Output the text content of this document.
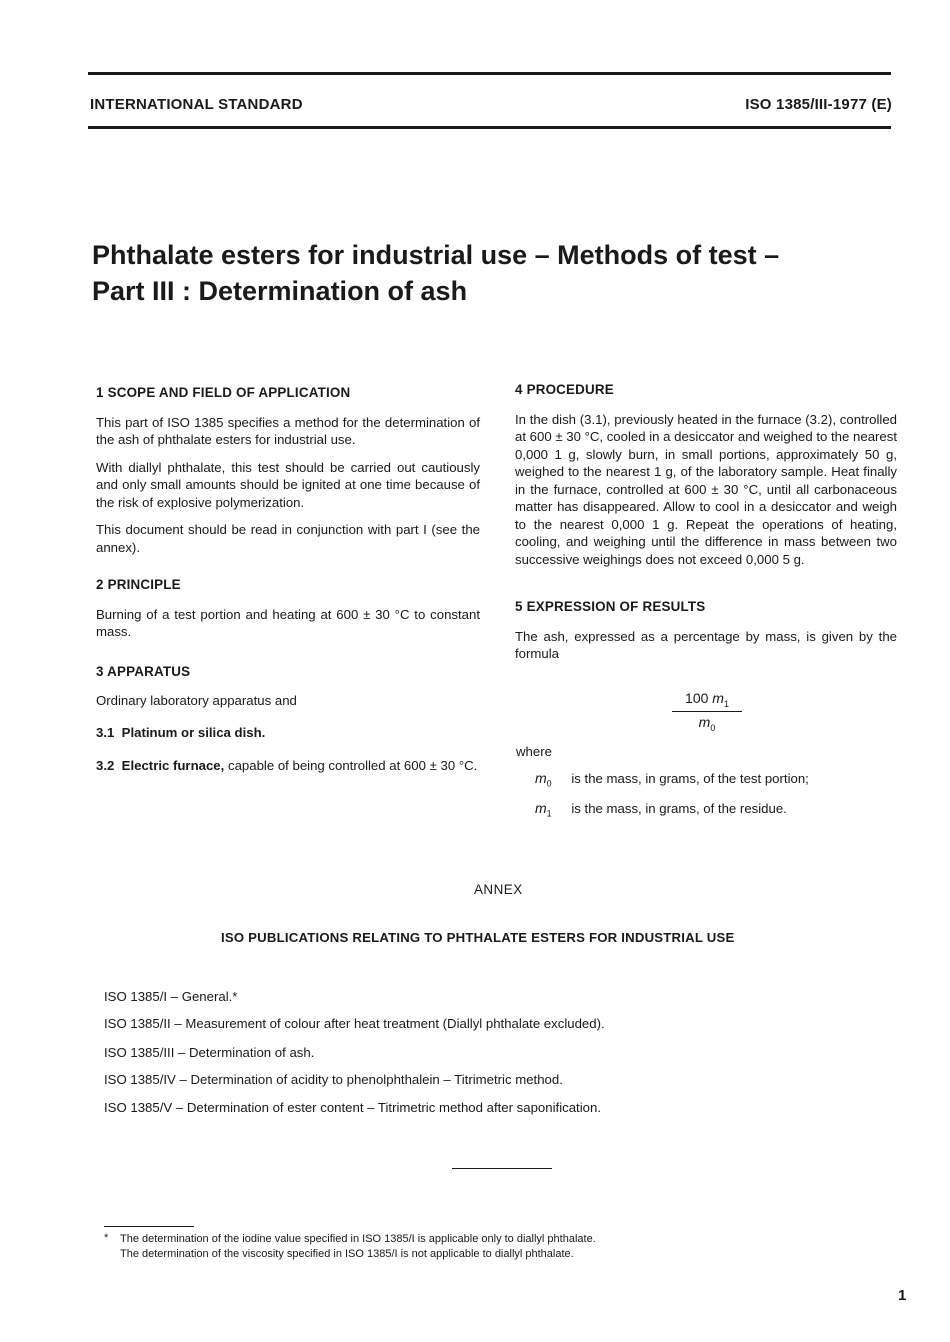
INTERNATIONAL STANDARD	ISO 1385/III-1977 (E)
Phthalate esters for industrial use – Methods of test –
Part III : Determination of ash
1 SCOPE AND FIELD OF APPLICATION

This part of ISO 1385 specifies a method for the determination of the ash of phthalate esters for industrial use.

With diallyl phthalate, this test should be carried out cautiously and only small amounts should be ignited at one time because of the risk of explosive polymerization.

This document should be read in conjunction with part I (see the annex).

2 PRINCIPLE

Burning of a test portion and heating at 600 ± 30 °C to constant mass.

3 APPARATUS

Ordinary laboratory apparatus and

3.1 Platinum or silica dish.

3.2 Electric furnace, capable of being controlled at 600 ± 30 °C.

4 PROCEDURE

In the dish (3.1), previously heated in the furnace (3.2), controlled at 600 ± 30 °C, cooled in a desiccator and weighed to the nearest 0,000 1 g, slowly burn, in small portions, approximately 50 g, weighed to the nearest 1 g, of the laboratory sample. Heat finally in the furnace, controlled at 600 ± 30 °C, until all carbonaceous matter has disappeared. Allow to cool in a desiccator and weigh to the nearest 0,000 1 g. Repeat the operations of heating, cooling, and weighing until the difference in mass between two successive weighings does not exceed 0,000 5 g.

5 EXPRESSION OF RESULTS

The ash, expressed as a percentage by mass, is given by the formula

100 $m_1$
$m_0$
where
$m_0$ is the mass, in grams, of the test portion;
$m_1$ is the mass, in grams, of the residue.
ANNEX
ISO PUBLICATIONS RELATING TO PHTHALATE ESTERS FOR INDUSTRIAL USE
ISO 1385/I – General.*
ISO 1385/II – Measurement of colour after heat treatment (Diallyl phthalate excluded).
ISO 1385/III – Determination of ash.
ISO 1385/IV – Determination of acidity to phenolphthalein – Titrimetric method.
ISO 1385/V – Determination of ester content – Titrimetric method after saponification.
* The determination of the iodine value specified in ISO 1385/I is applicable only to diallyl phthalate.
The determination of the viscosity specified in ISO 1385/I is not applicable to diallyl phthalate.
1
